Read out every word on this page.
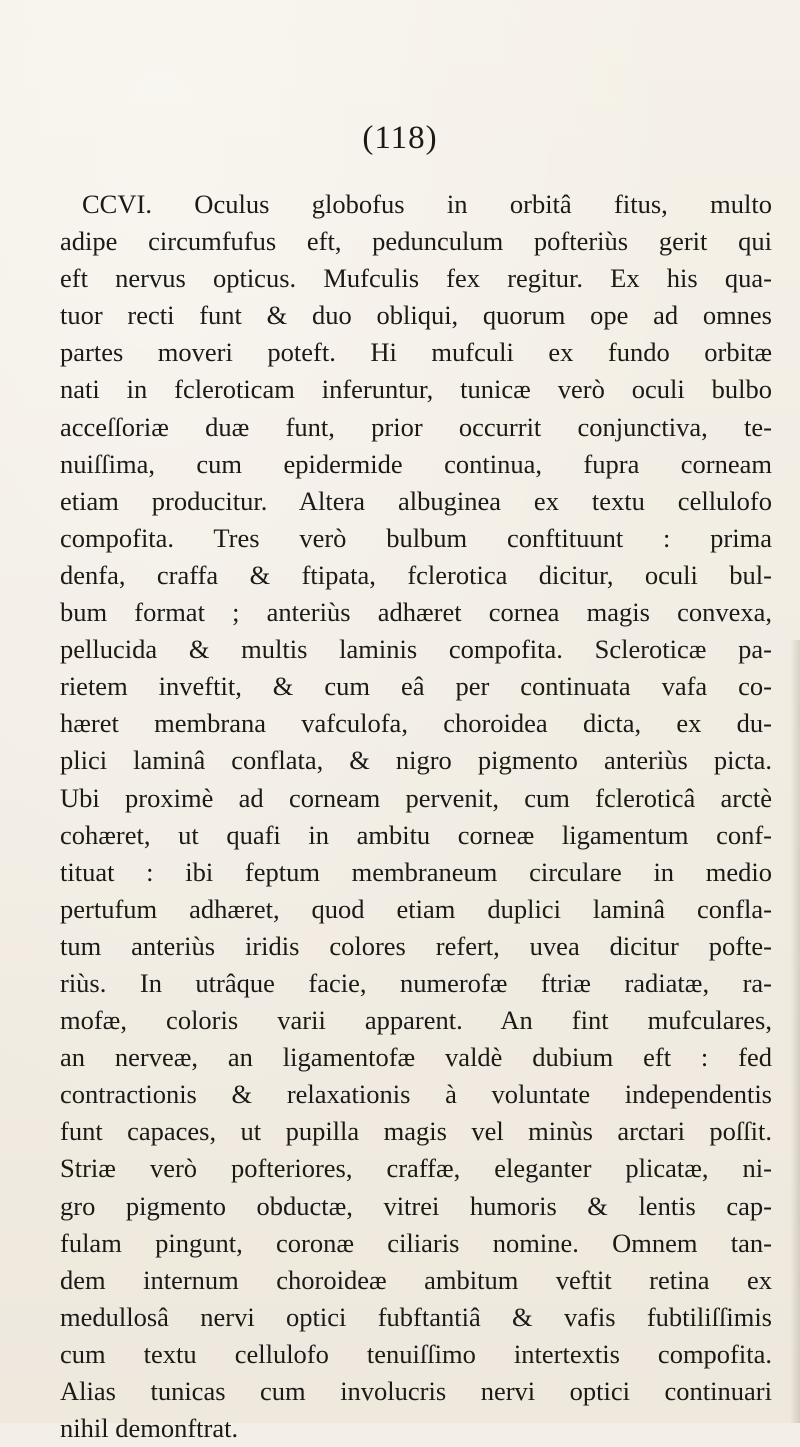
(118)
CCVI. Oculus globofus in orbitâ fitus, multo
adipe circumfufus eft, pedunculum pofteriùs gerit qui
eft nervus opticus. Mufculis fex regitur. Ex his qua-
tuor recti funt & duo obliqui, quorum ope ad omnes
partes moveri poteft. Hi mufculi ex fundo orbitæ
nati in fcleroticam inferuntur, tunicæ verò oculi bulbo
acceſſoriæ duæ funt, prior occurrit conjunctiva, te-
nuiſſima, cum epidermide continua, fupra corneam
etiam producitur. Altera albuginea ex textu cellulofo
compofita. Tres verò bulbum conftituunt : prima
denfa, craffa & ftipata, fclerotica dicitur, oculi bul-
bum format ; anteriùs adhæret cornea magis convexa,
pellucida & multis laminis compofita. Scleroticæ pa-
rietem inveftit, & cum eâ per continuata vafa co-
hæret membrana vafculofa, choroidea dicta, ex du-
plici laminâ conflata, & nigro pigmento anteriùs picta.
Ubi proximè ad corneam pervenit, cum fcleroticâ arctè
cohæret, ut quafi in ambitu corneæ ligamentum conf-
tituat : ibi feptum membraneum circulare in medio
pertufum adhæret, quod etiam duplici laminâ confla-
tum anteriùs iridis colores refert, uvea dicitur pofte-
riùs. In utrâque facie, numerofæ ftriæ radiatæ, ra-
mofæ, coloris varii apparent. An fint mufculares,
an nerveæ, an ligamentofæ valdè dubium eft : fed
contractionis & relaxationis à voluntate independentis
funt capaces, ut pupilla magis vel minùs arctari poſſit.
Striæ verò pofteriores, craffæ, eleganter plicatæ, ni-
gro pigmento obductæ, vitrei humoris & lentis cap-
fulam pingunt, coronæ ciliaris nomine. Omnem tan-
dem internum choroideæ ambitum veftit retina ex
medullosâ nervi optici fubftantiâ & vafis fubtiliſſimis
cum textu cellulofo tenuiſſimo intertextis compofita.
Alias tunicas cum involucris nervi optici continuari
nihil demonftrat.
